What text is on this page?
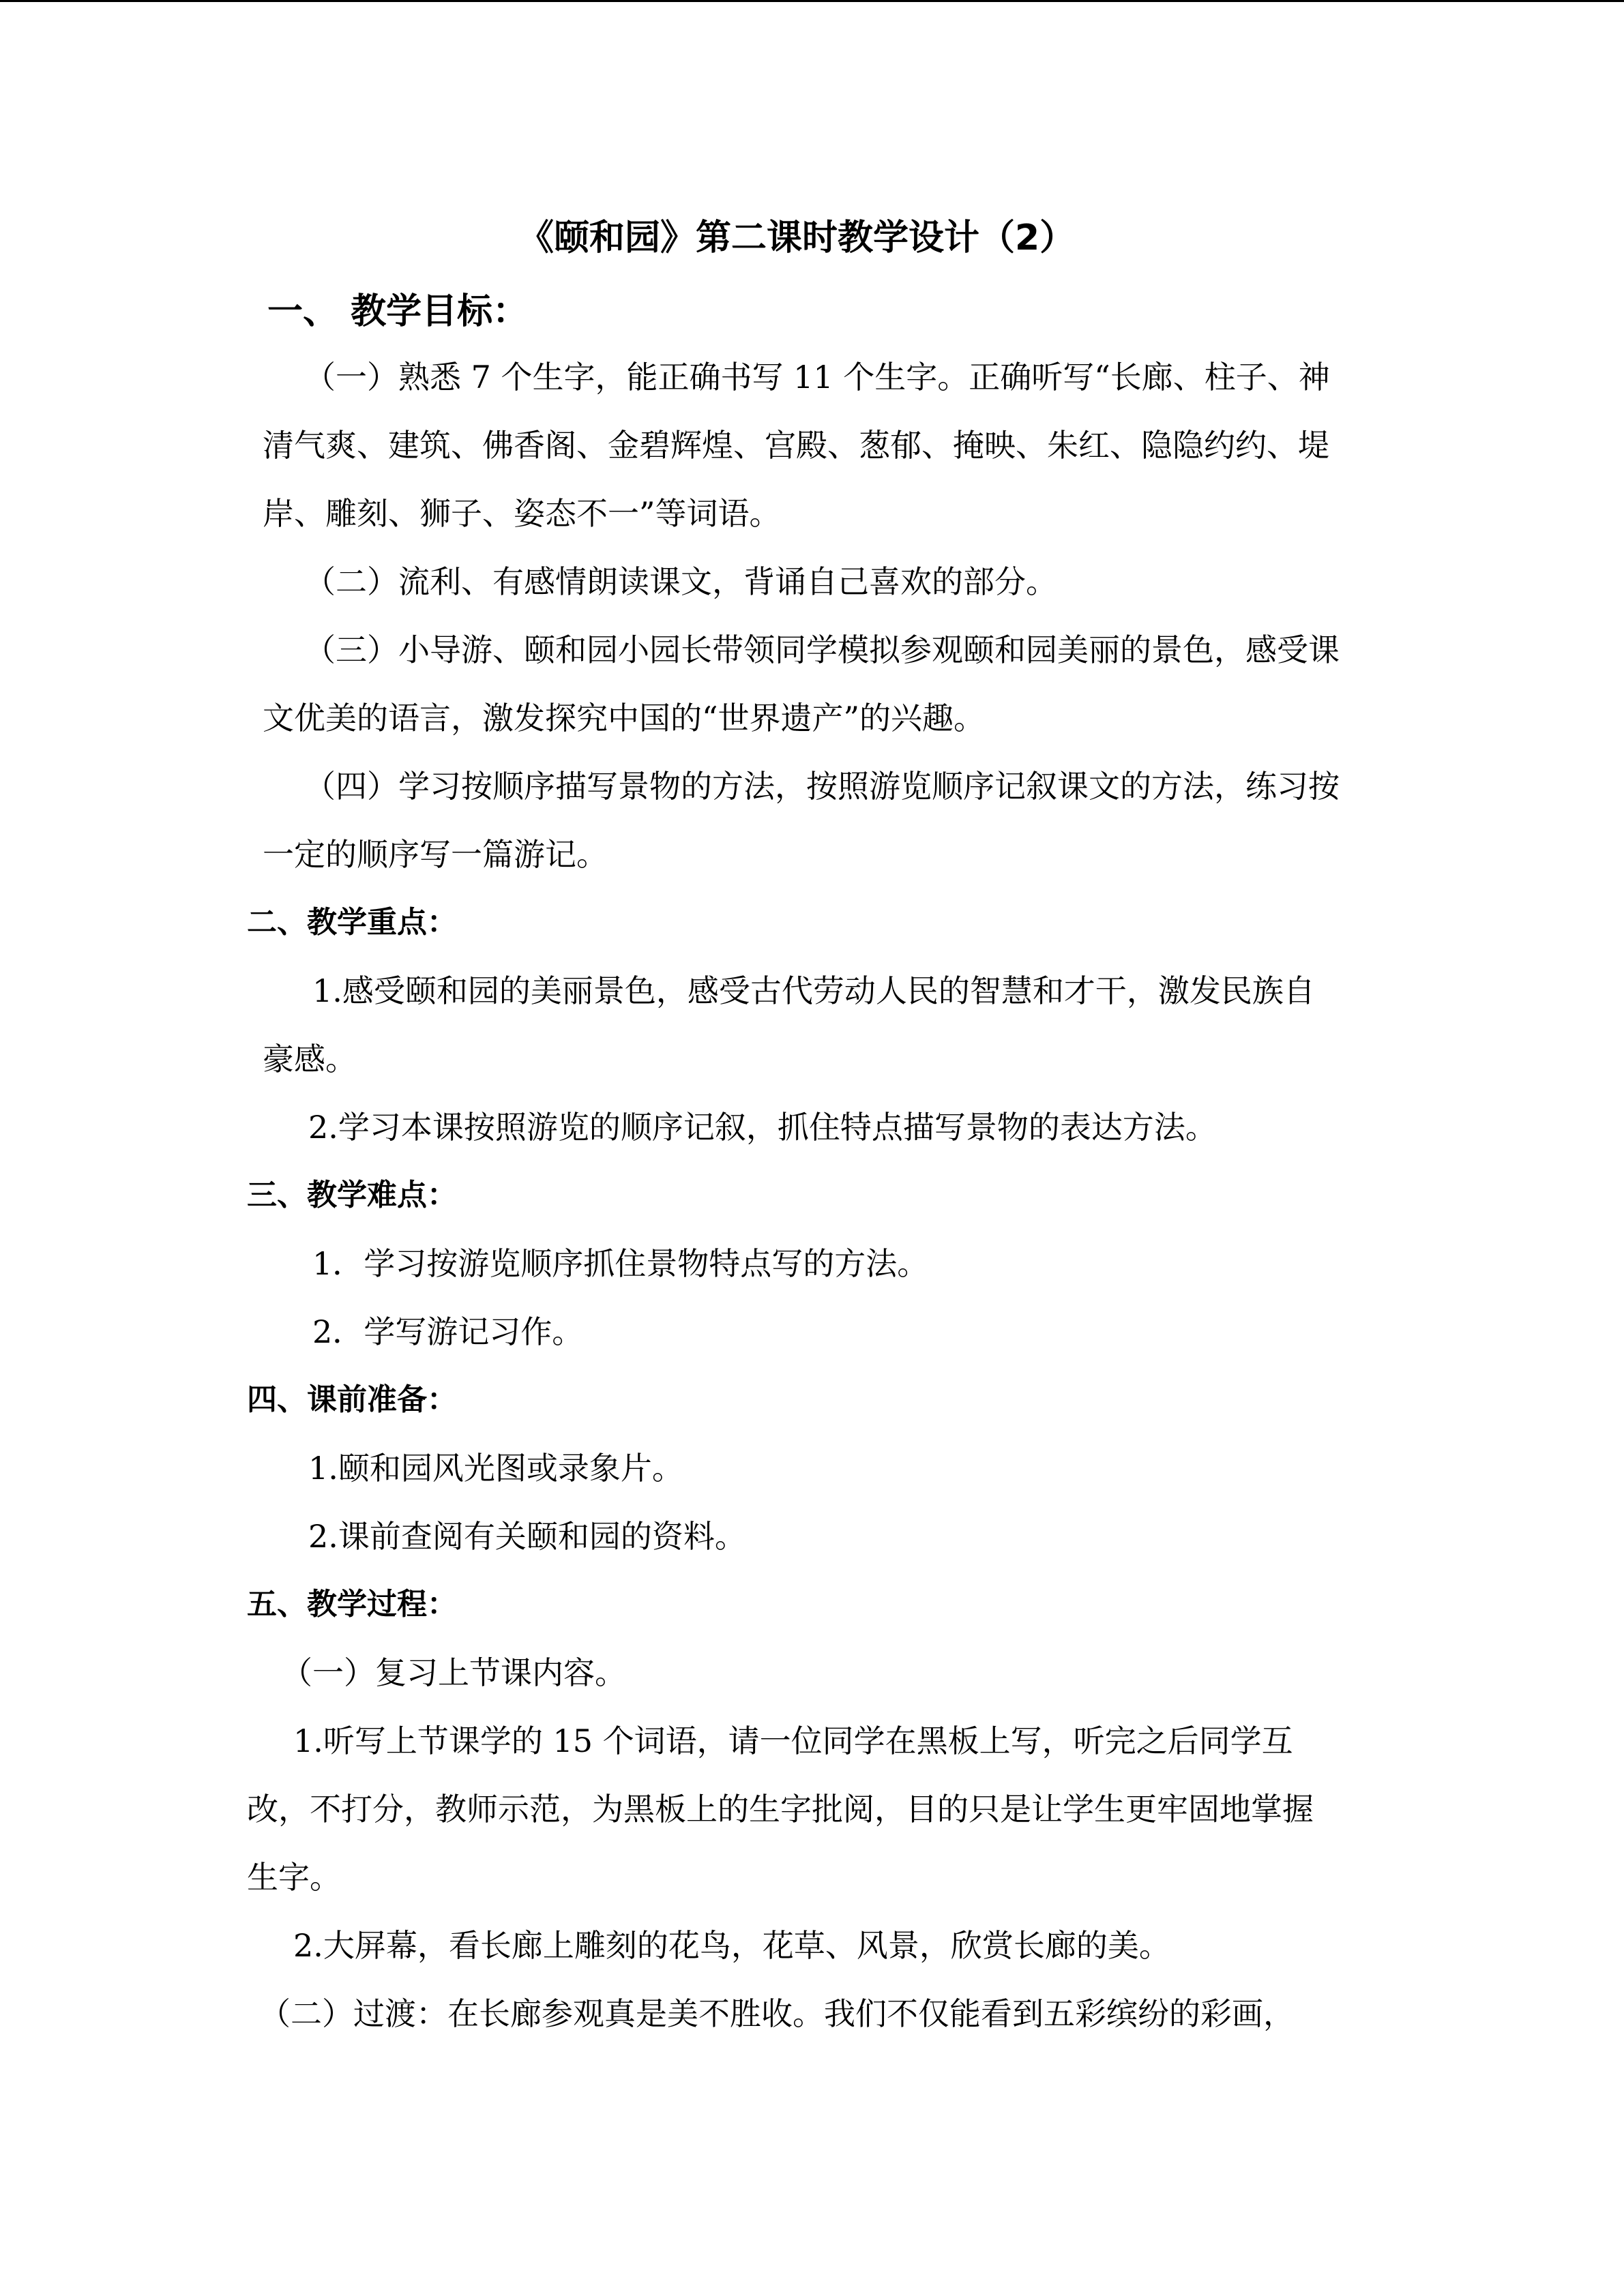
《颐和园》第二课时教学设计（2）
一、 教学目标：
（一）熟悉 7 个生字，能正确书写 11 个生字。正确听写“长廊、柱子、神
清气爽、建筑、佛香阁、金碧辉煌、宫殿、葱郁、掩映、朱红、隐隐约约、堤
岸、雕刻、狮子、姿态不一”等词语。
（二）流利、有感情朗读课文，背诵自己喜欢的部分。
（三）小导游、颐和园小园长带领同学模拟参观颐和园美丽的景色，感受课
文优美的语言，激发探究中国的“世界遗产”的兴趣。
（四）学习按顺序描写景物的方法，按照游览顺序记叙课文的方法，练习按
一定的顺序写一篇游记。
二、教学重点：
1.感受颐和园的美丽景色，感受古代劳动人民的智慧和才干，激发民族自
豪感。
2.学习本课按照游览的顺序记叙，抓住特点描写景物的表达方法。
三、教学难点：
1．学习按游览顺序抓住景物特点写的方法。
2．学写游记习作。
四、课前准备：
1.颐和园风光图或录象片。
2.课前查阅有关颐和园的资料。
五、教学过程：
（一）复习上节课内容。
1.听写上节课学的 15 个词语，请一位同学在黑板上写，听完之后同学互
改，不打分，教师示范，为黑板上的生字批阅，目的只是让学生更牢固地掌握
生字。
2.大屏幕，看长廊上雕刻的花鸟，花草、风景，欣赏长廊的美。
（二）过渡：在长廊参观真是美不胜收。我们不仅能看到五彩缤纷的彩画，
